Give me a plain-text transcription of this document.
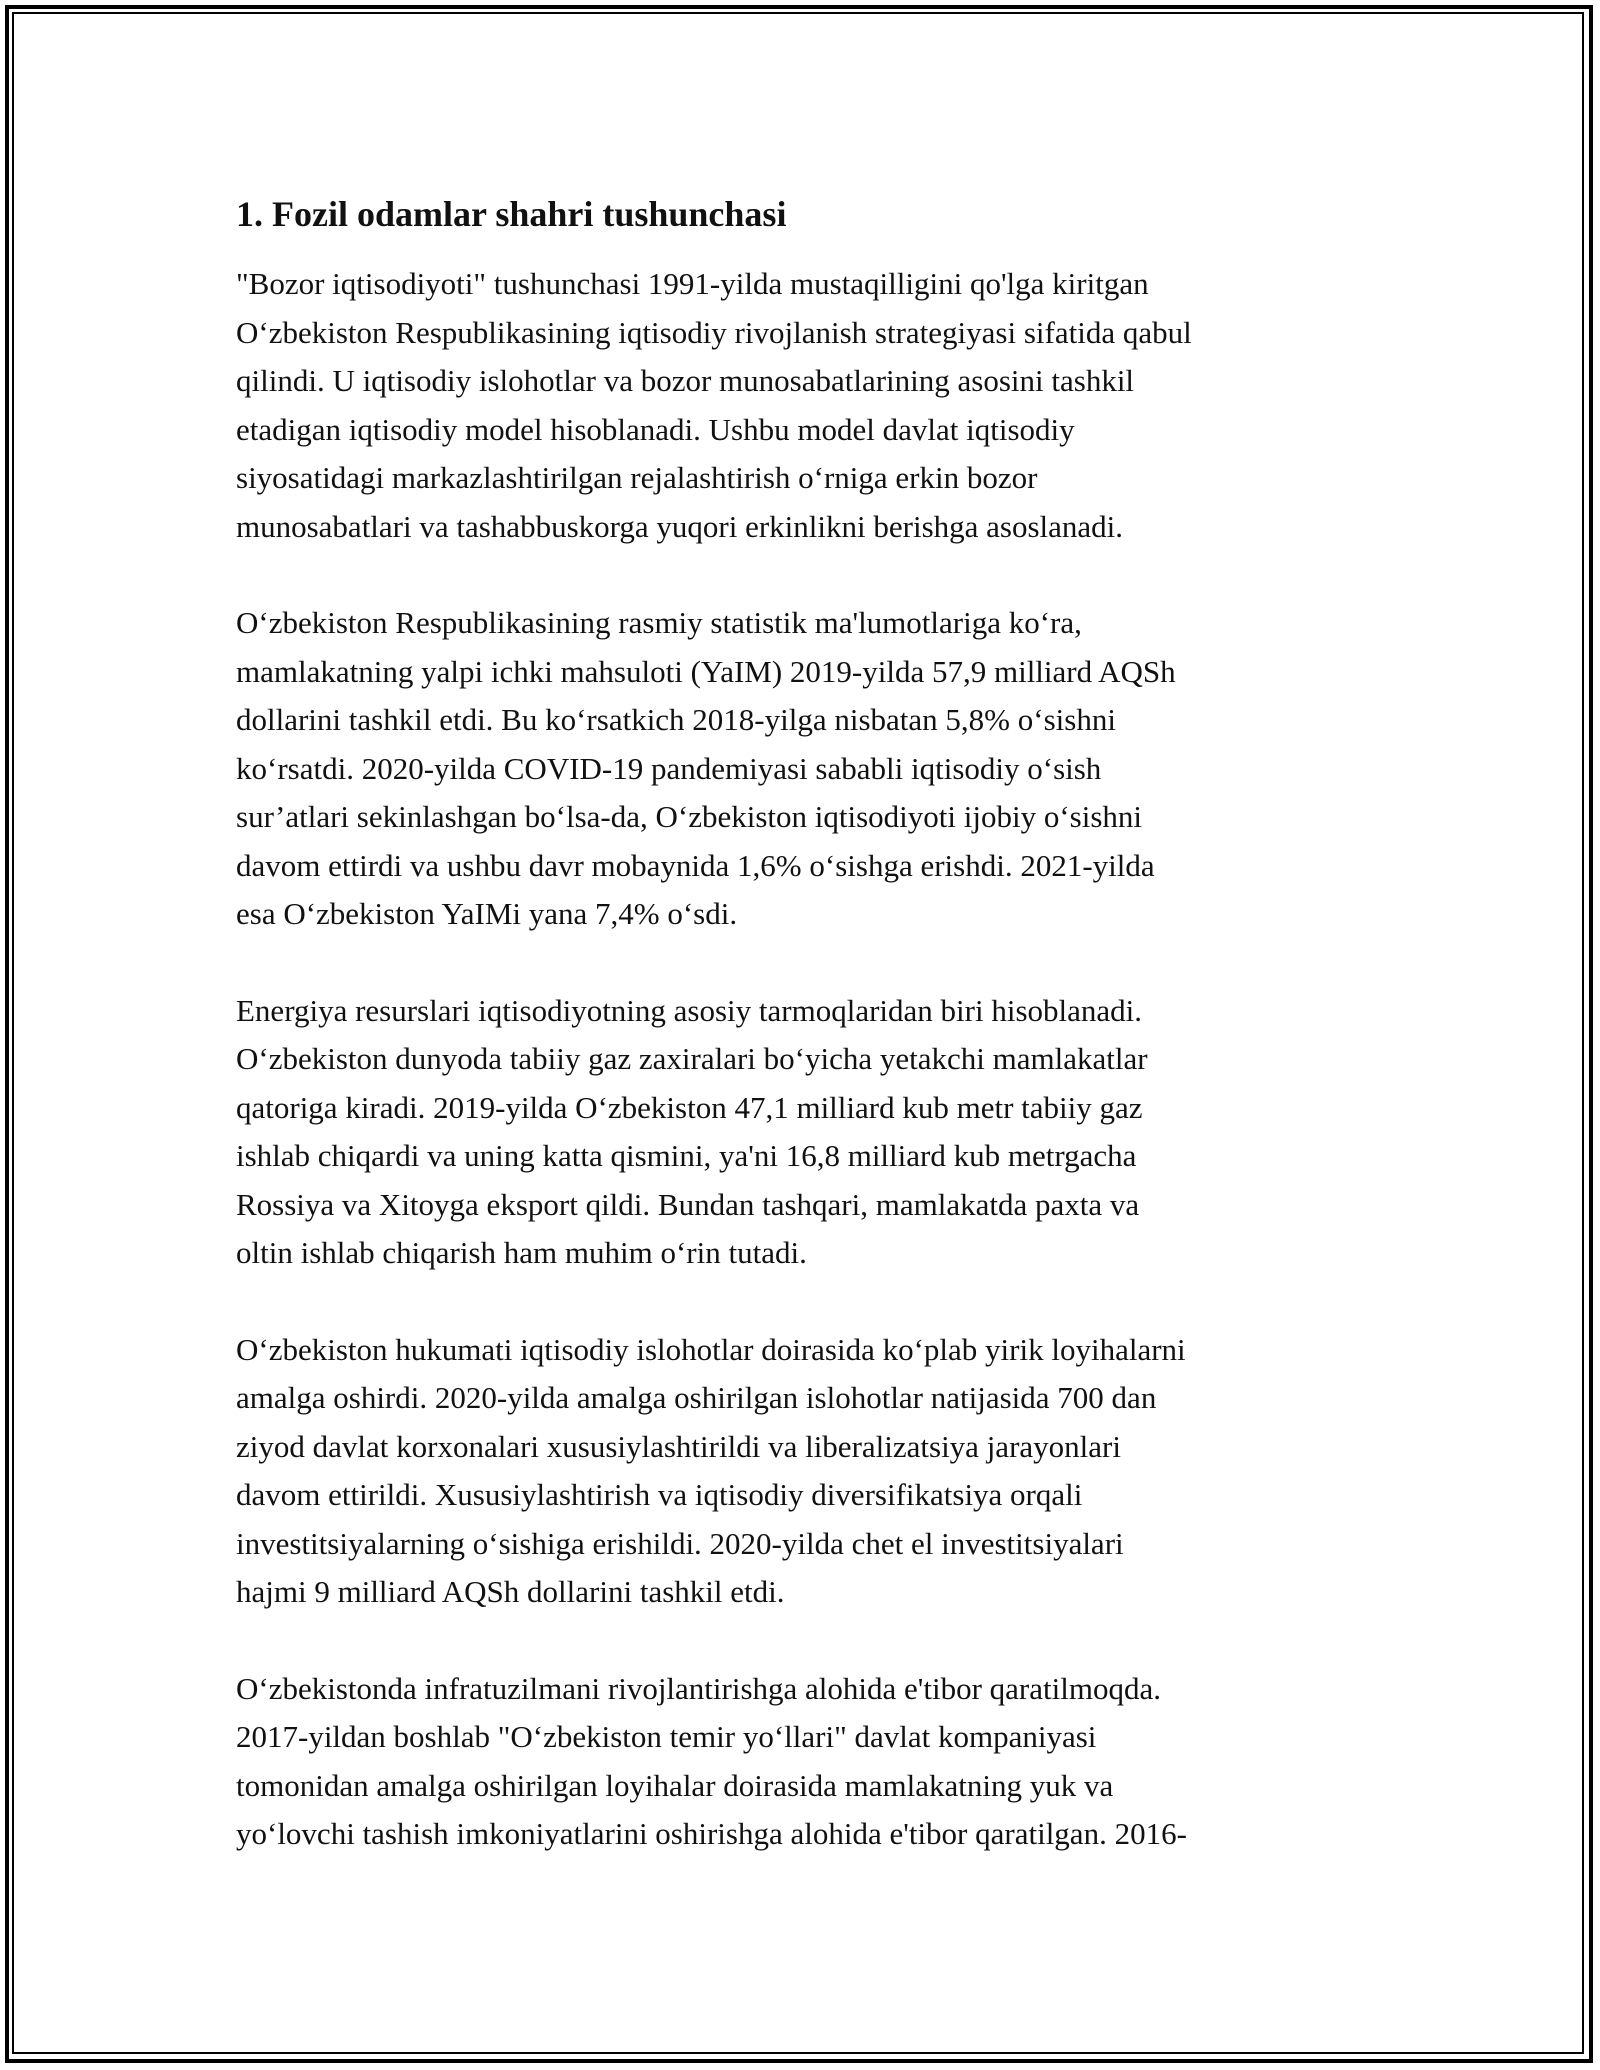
1. Fozil odamlar shahri tushunchasi

"Bozor iqtisodiyoti" tushunchasi 1991-yilda mustaqilligini qo'lga kiritgan
Oʻzbekiston Respublikasining iqtisodiy rivojlanish strategiyasi sifatida qabul
qilindi. U iqtisodiy islohotlar va bozor munosabatlarining asosini tashkil
etadigan iqtisodiy model hisoblanadi. Ushbu model davlat iqtisodiy
siyosatidagi markazlashtirilgan rejalashtirish oʻrniga erkin bozor
munosabatlari va tashabbuskorga yuqori erkinlikni berishga asoslanadi.

Oʻzbekiston Respublikasining rasmiy statistik ma'lumotlariga koʻra,
mamlakatning yalpi ichki mahsuloti (YaIM) 2019-yilda 57,9 milliard AQSh
dollarini tashkil etdi. Bu koʻrsatkich 2018-yilga nisbatan 5,8% oʻsishni
koʻrsatdi. 2020-yilda COVID-19 pandemiyasi sababli iqtisodiy oʻsish
sur’atlari sekinlashgan boʻlsa-da, Oʻzbekiston iqtisodiyoti ijobiy oʻsishni
davom ettirdi va ushbu davr mobaynida 1,6% oʻsishga erishdi. 2021-yilda
esa Oʻzbekiston YaIMi yana 7,4% oʻsdi.

Energiya resurslari iqtisodiyotning asosiy tarmoqlaridan biri hisoblanadi.
Oʻzbekiston dunyoda tabiiy gaz zaxiralari boʻyicha yetakchi mamlakatlar
qatoriga kiradi. 2019-yilda Oʻzbekiston 47,1 milliard kub metr tabiiy gaz
ishlab chiqardi va uning katta qismini, ya'ni 16,8 milliard kub metrgacha
Rossiya va Xitoyga eksport qildi. Bundan tashqari, mamlakatda paxta va
oltin ishlab chiqarish ham muhim oʻrin tutadi.

Oʻzbekiston hukumati iqtisodiy islohotlar doirasida koʻplab yirik loyihalarni
amalga oshirdi. 2020-yilda amalga oshirilgan islohotlar natijasida 700 dan
ziyod davlat korxonalari xususiylashtirildi va liberalizatsiya jarayonlari
davom ettirildi. Xususiylashtirish va iqtisodiy diversifikatsiya orqali
investitsiyalarning oʻsishiga erishildi. 2020-yilda chet el investitsiyalari
hajmi 9 milliard AQSh dollarini tashkil etdi.

Oʻzbekistonda infratuzilmani rivojlantirishga alohida e'tibor qaratilmoqda.
2017-yildan boshlab "Oʻzbekiston temir yoʻllari" davlat kompaniyasi
tomonidan amalga oshirilgan loyihalar doirasida mamlakatning yuk va
yoʻlovchi tashish imkoniyatlarini oshirishga alohida e'tibor qaratilgan. 2016-
